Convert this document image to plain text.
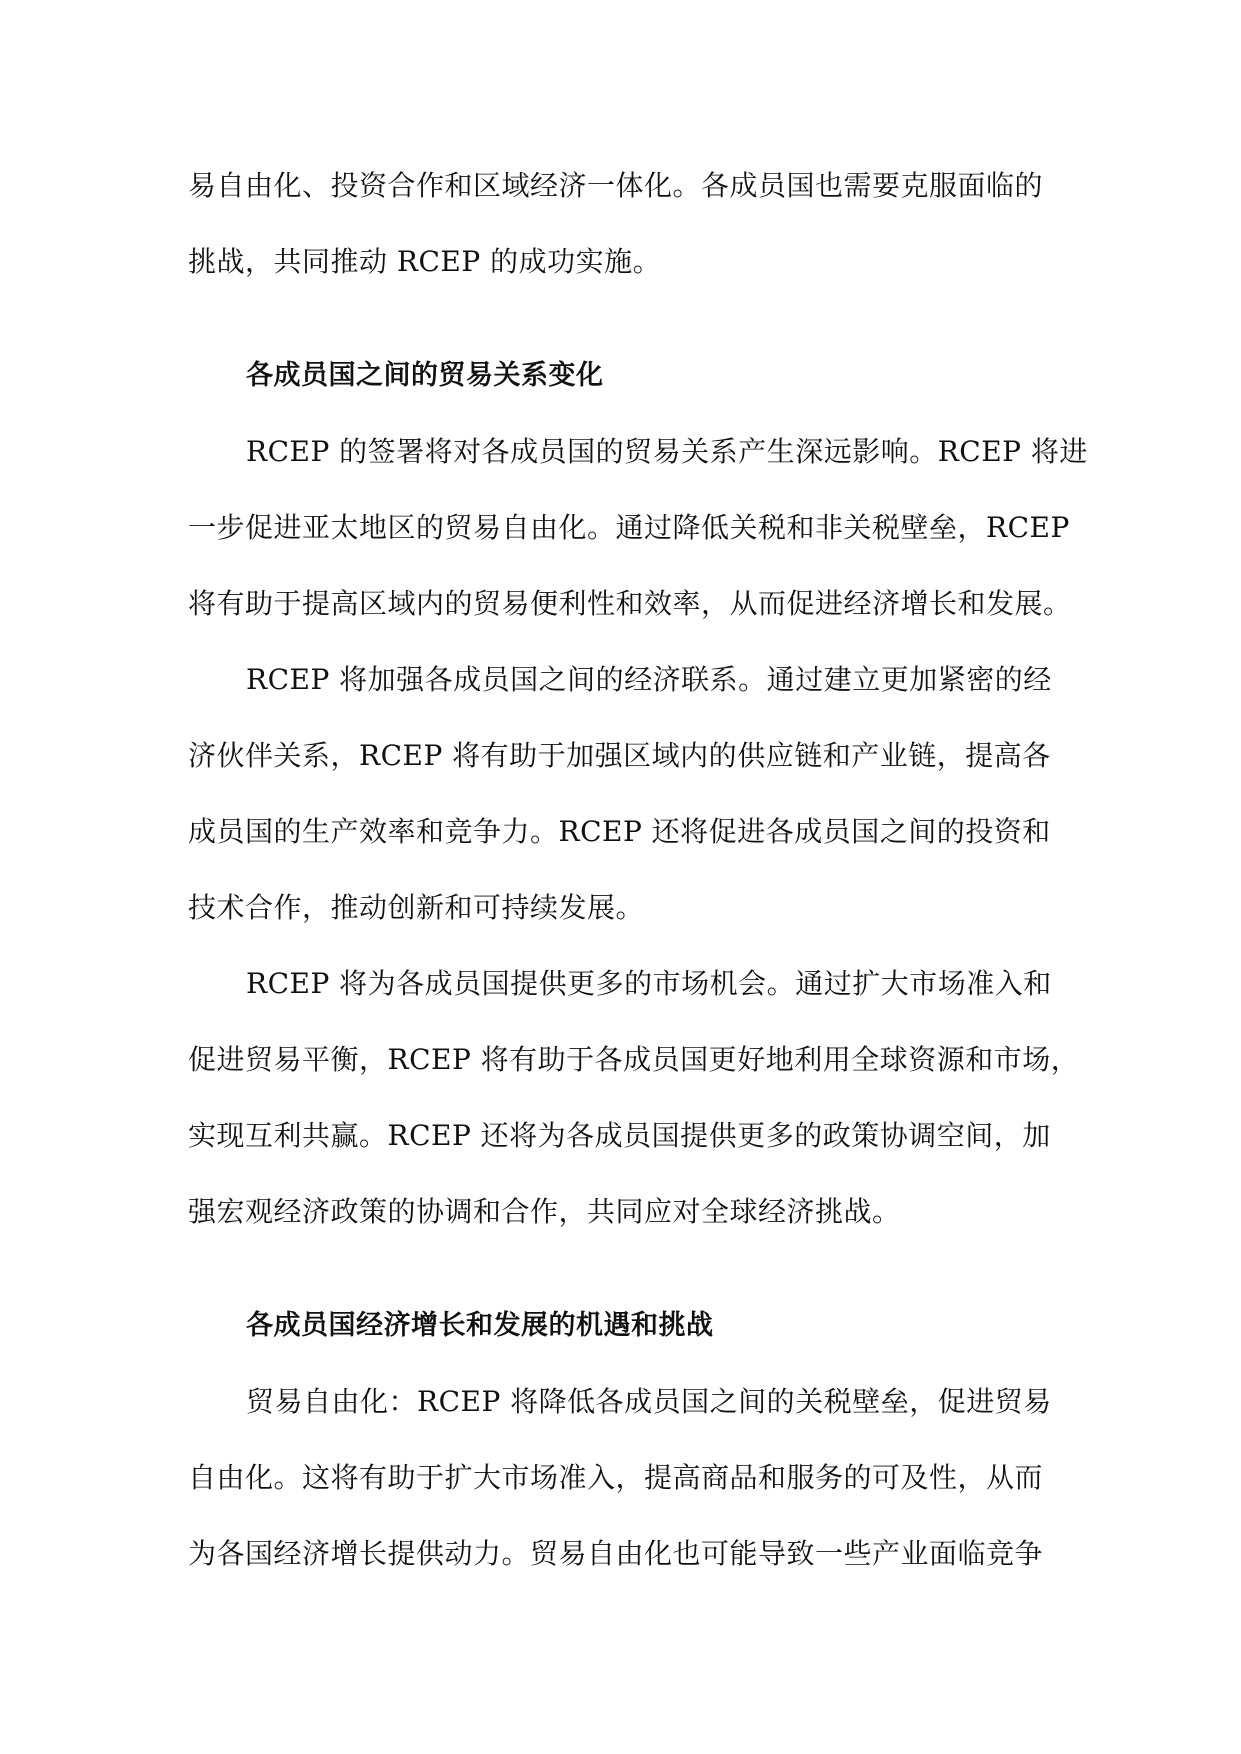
易自由化、投资合作和区域经济一体化。各成员国也需要克服面临的
挑战，共同推动 RCEP 的成功实施。
各成员国之间的贸易关系变化
RCEP 的签署将对各成员国的贸易关系产生深远影响。RCEP 将进
一步促进亚太地区的贸易自由化。通过降低关税和非关税壁垒，RCEP
将有助于提高区域内的贸易便利性和效率，从而促进经济增长和发展。
RCEP 将加强各成员国之间的经济联系。通过建立更加紧密的经
济伙伴关系，RCEP 将有助于加强区域内的供应链和产业链，提高各
成员国的生产效率和竞争力。RCEP 还将促进各成员国之间的投资和
技术合作，推动创新和可持续发展。
RCEP 将为各成员国提供更多的市场机会。通过扩大市场准入和
促进贸易平衡，RCEP 将有助于各成员国更好地利用全球资源和市场，
实现互利共赢。RCEP 还将为各成员国提供更多的政策协调空间，加
强宏观经济政策的协调和合作，共同应对全球经济挑战。
各成员国经济增长和发展的机遇和挑战
贸易自由化：RCEP 将降低各成员国之间的关税壁垒，促进贸易
自由化。这将有助于扩大市场准入，提高商品和服务的可及性，从而
为各国经济增长提供动力。贸易自由化也可能导致一些产业面临竞争
